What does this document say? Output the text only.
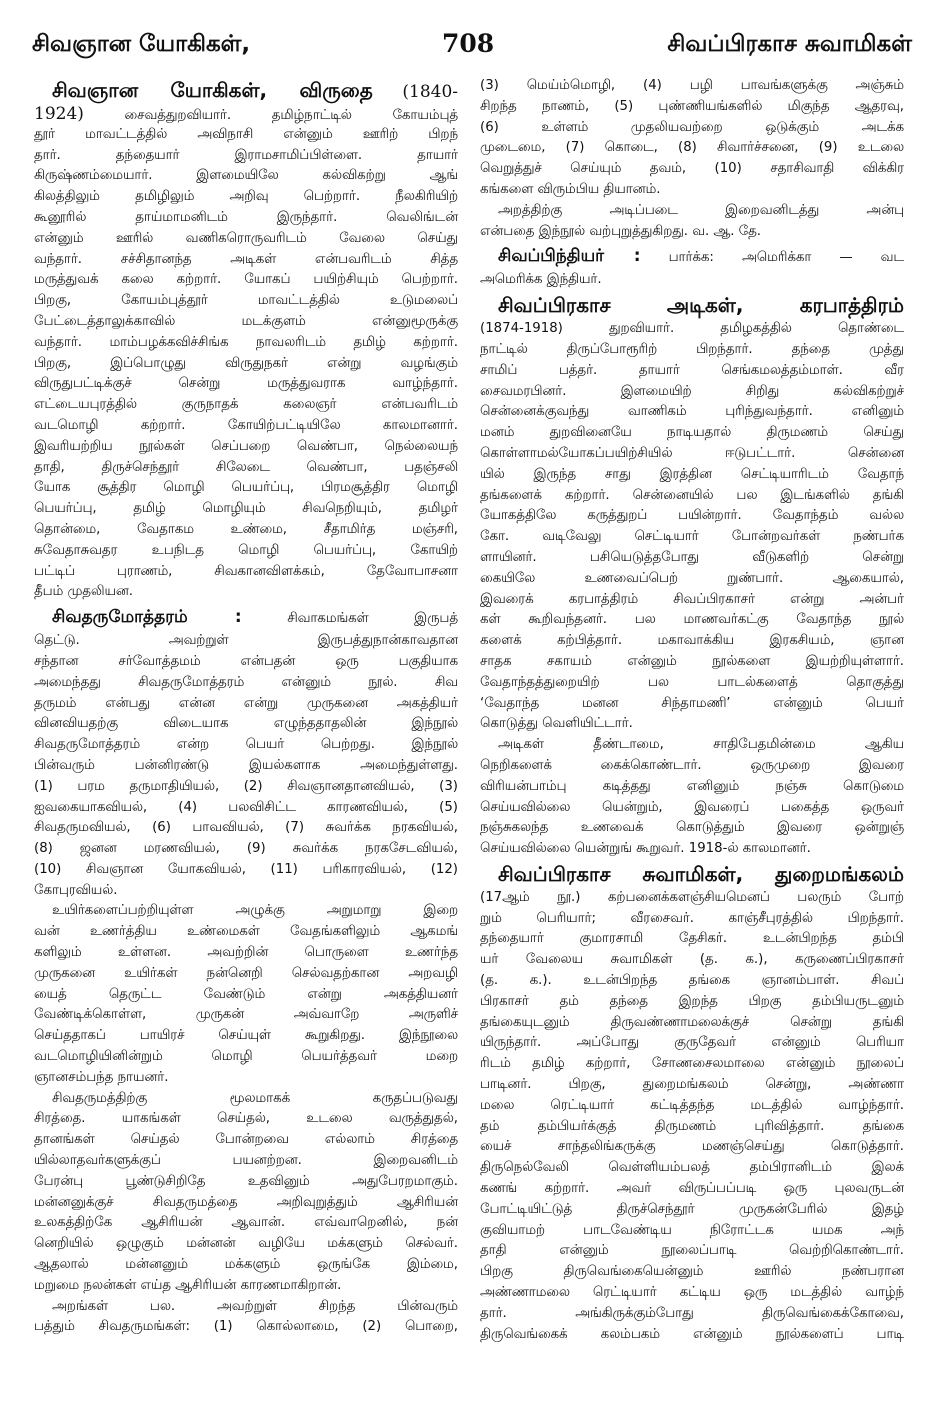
சிவஞான யோகிகள்,	708	சிவப்பிரகாச சுவாமிகள்
சிவஞான யோகிகள், விருதை (1840-
1924)	சைவத்துறவியார். தமிழ்நாட்டில் கோயம்புத்
தூர் மாவட்டத்தில் அவிநாசி என்னும் ஊரிற் பிறந்
தார். தந்தையார் இராமசாமிப்பிள்ளை. தாயார்
கிருஷ்ணம்மையார். இளமையிலே கல்விகற்று ஆங்
கிலத்திலும் தமிழிலும் அறிவு பெற்றார். நீலகிரியிற்
கூனூரில் தாய்மாமனிடம் இருந்தார். வெலிங்டன்
என்னும் ஊரில் வணிகரொருவரிடம் வேலை செய்து
வந்தார். சச்சிதானந்த அடிகள் என்பவரிடம் சித்த
மருத்துவக் கலை கற்றார். யோகப் பயிற்சியும் பெற்றார்.
பிறகு, கோயம்புத்தூர் மாவட்டத்தில் உடுமலைப்
பேட்டைத்தாலுக்காவில் மடக்குளம் என்னுமூருக்கு
வந்தார். மாம்பழக்கவிச்சிங்க நாவலரிடம் தமிழ் கற்றார்.
பிறகு, இப்பொழுது விருதுநகர் என்று வழங்கும்
விருதுபட்டிக்குச் சென்று மருத்துவராக வாழ்ந்தார்.
எட்டையபுரத்தில் குருநாதக் கலைஞர் என்பவரிடம்
வடமொழி கற்றார். கோயிற்பட்டியிலே காலமானார்.
இவரியற்றிய நூல்கள் செப்பறை வெண்பா, நெல்லையந்
தாதி, திருச்செந்தூர் சிலேடை வெண்பா, பதஞ்சலி
யோக சூத்திர மொழி பெயர்ப்பு, பிரமசூத்திர மொழி
பெயர்ப்பு, தமிழ் மொழியும் சிவநெறியும், தமிழர்
தொன்மை, வேதாகம உண்மை, சீதாமிர்த மஞ்சரி,
சுவேதாசுவதர உபநிடத மொழி பெயர்ப்பு, கோயிற்
பட்டிப் புராணம், சிவகானவிளக்கம், தேவோபாசனா
தீபம் முதலியன.
சிவதருமோத்தரம் :	சிவாகமங்கள் இருபத்
தெட்டு. அவற்றுள் இருபத்துநான்காவதான
சந்தான சர்வோத்தமம் என்பதன் ஒரு பகுதியாக
அமைந்தது சிவதருமோத்தரம் என்னும் நூல். சிவ
தருமம் என்பது என்ன என்று முருகனை அகத்தியர்
வினவியதற்கு விடையாக எழுந்ததாதலின் இந்நூல்
சிவதருமோத்தரம் என்ற பெயர் பெற்றது. இந்நூல்
பின்வரும் பன்னிரண்டு இயல்களாக அமைந்துள்ளது.
(1) பரம தருமாதியியல், (2) சிவஞானதானவியல், (3)
ஐவகையாகவியல், (4) பலவிசிட்ட காரணவியல், (5)
சிவதருமவியல், (6) பாவவியல், (7) சுவர்க்க நரகவியல்,
(8) ஜனன மரணவியல், (9) சுவர்க்க நரகசேடவியல்,
(10) சிவஞான யோகவியல், (11) பரிகாரவியல், (12)
கோபுரவியல்.
உயிர்களைப்பற்றியுள்ள அழுக்கு அறுமாறு இறை
வன் உணர்த்திய உண்மைகள் வேதங்களிலும் ஆகமங்
களிலும் உள்ளன. அவற்றின் பொருளை உணர்ந்த
முருகனை உயிர்கள் நன்னெறி செல்வதற்கான அறவழி
யைத் தெருட்ட வேண்டும் என்று அகத்தியனர்
வேண்டிக்கொள்ள, முருகன் அவ்வாறே அருளிச்
செய்ததாகப் பாயிரச் செய்யுள் கூறுகிறது. இந்நூலை
வடமொழியினின்றும் மொழி பெயர்த்தவர் மறை
ஞானசம்பந்த நாயனர்.
சிவதருமத்திற்கு மூலமாகக் கருதப்படுவது
சிரத்தை. யாகங்கள் செய்தல், உடலை வருத்துதல்,
தானங்கள் செய்தல் போன்றவை எல்லாம் சிரத்தை
யில்லாதவர்களுக்குப் பயனற்றன. இறைவனிடம்
பேரன்பு பூண்டுசிறிதே உதவினும் அதுபேரறமாகும்.
மன்னனுக்குச் சிவதருமத்தை அறிவுறுத்தும் ஆசிரியன்
உலகத்திற்கே ஆசிரியன் ஆவான். எவ்வாறெனில், நன்
னெறியில் ஒழுகும் மன்னன் வழியே மக்களும் செல்வர்.
ஆதலால் மன்னனும் மக்களும் ஒருங்கே இம்மை,
மறுமை நலன்கள் எய்த ஆசிரியன் காரணமாகிறான்.
அறங்கள் பல. அவற்றுள் சிறந்த பின்வரும்
பத்தும் சிவதருமங்கள்: (1) கொல்லாமை, (2) பொறை,
(3) மெய்ம்மொழி, (4) பழி பாவங்களுக்கு அஞ்சும்
சிறந்த நாணம், (5) புண்ணியங்களில் மிகுந்த ஆதரவு,
(6) உள்ளம் முதலியவற்றை ஒடுக்கும் அடக்க
முடைமை, (7) கொடை, (8) சிவார்ச்சனை, (9) உடலை
வெறுத்துச் செய்யும் தவம், (10) சதாசிவாதி விக்கிர
கங்களை விரும்பிய தியானம்.
அறத்திற்கு அடிப்படை இறைவனிடத்து அன்பு
என்பதை இந்நூல் வற்புறுத்துகிறது. வ. ஆ. தே.
சிவப்பிந்தியர் : பார்க்க: அமெரிக்கா — வட
அமெரிக்க இந்தியர்.
சிவப்பிரகாச அடிகள், கரபாத்திரம்
(1874-1918) துறவியார். தமிழகத்தில் தொண்டை
நாட்டில் திருப்போரூரிற் பிறந்தார். தந்தை முத்து
சாமிப் பத்தர். தாயார் செங்கமலத்தம்மாள். வீர
சைவமரபினர். இளமையிற் சிறிது கல்விகற்றுச்
சென்னைக்குவந்து வாணிகம் புரிந்துவந்தார். எனினும்
மனம் துறவினையே நாடியதால் திருமணம் செய்து
கொள்ளாமல்யோகப்பயிற்சியில் ஈடுபட்டார். சென்னை
யில் இருந்த சாது இரத்தின செட்டியாரிடம் வேதாந்
தங்களைக் கற்றார். சென்னையில் பல இடங்களில் தங்கி
யோகத்திலே கருத்துறப் பயின்றார். வேதாந்தம் வல்ல
கோ. வடிவேலு செட்டியார் போன்றவர்கள் நண்பர்க
ளாயினர். பசியெடுத்தபோது வீடுகளிற் சென்று
கையிலே உணவைப்பெற் றுண்பார். ஆகையால்,
இவரைக் கரபாத்திரம் சிவப்பிரகாசர் என்று அன்பர்
கள் கூறிவந்தனர். பல மாணவர்கட்கு வேதாந்த நூல்
களைக் கற்பித்தார். மகாவாக்கிய இரகசியம், ஞான
சாதக சகாயம் என்னும் நூல்களை இயற்றியுள்ளார்.
வேதாந்தத்துறையிற் பல பாடல்களைத் தொகுத்து
‘வேதாந்த மனன சிந்தாமணி’ என்னும் பெயர்
கொடுத்து வெளியிட்டார்.
அடிகள் தீண்டாமை, சாதிபேதமின்மை ஆகிய
நெறிகளைக் கைக்கொண்டார். ஒருமுறை இவரை
விரியன்பாம்பு கடித்தது எனினும் நஞ்சு கொடுமை
செய்யவில்லை யென்றும், இவரைப் பகைத்த ஒருவர்
நஞ்சுகலந்த உணவைக் கொடுத்தும் இவரை ஒன்றுஞ்
செய்யவில்லை யென்றுங் கூறுவர். 1918-ல் காலமானர்.
சிவப்பிரகாச சுவாமிகள், துறைமங்கலம்
(17ஆம் நூ.) கற்பனைக்களஞ்சியமெனப் பலரும் போற்
றும் பெரியார்; வீரசைவர். காஞ்சீபுரத்தில் பிறந்தார்.
தந்தையார் குமாரசாமி தேசிகர். உடன்பிறந்த தம்பி
யர் வேலைய சுவாமிகள் (த. க.), கருணைப்பிரகாசர்
(த. க.). உடன்பிறந்த தங்கை ஞானம்பாள். சிவப்
பிரகாசர் தம் தந்தை இறந்த பிறகு தம்பியருடனும்
தங்கையுடனும் திருவண்ணாமலைக்குச் சென்று தங்கி
யிருந்தார். அப்போது குருதேவர் என்னும் பெரியா
ரிடம் தமிழ் கற்றார், சோணசைலமாலை என்னும் நூலைப்
பாடினர். பிறகு, துறைமங்கலம் சென்று, அண்ணா
மலை ரெட்டியார் கட்டித்தந்த மடத்தில் வாழ்ந்தார்.
தம் தம்பியர்க்குத் திருமணம் புரிவித்தார். தங்கை
யைச் சாந்தலிங்கருக்கு மணஞ்செய்து கொடுத்தார்.
திருநெல்வேலி வெள்ளியம்பலத் தம்பிரானிடம் இலக்
கணங் கற்றார். அவர் விருப்பப்படி ஒரு புலவருடன்
போட்டியிட்டுத் திருச்செந்தூர் முருகன்பேரில் இதழ்
குவியாமற் பாடவேண்டிய நிரோட்டக யமக அந்
தாதி என்னும் நூலைப்பாடி வெற்றிகொண்டார்.
பிறகு திருவெங்கையென்னும் ஊரில் நண்பரான
அண்ணாமலை ரெட்டியார் கட்டிய ஒரு மடத்தில் வாழ்ந்
தார். அங்கிருக்கும்போது திருவெங்கைக்கோவை,
திருவெங்கைக் கலம்பகம் என்னும் நூல்களைப் பாடி
